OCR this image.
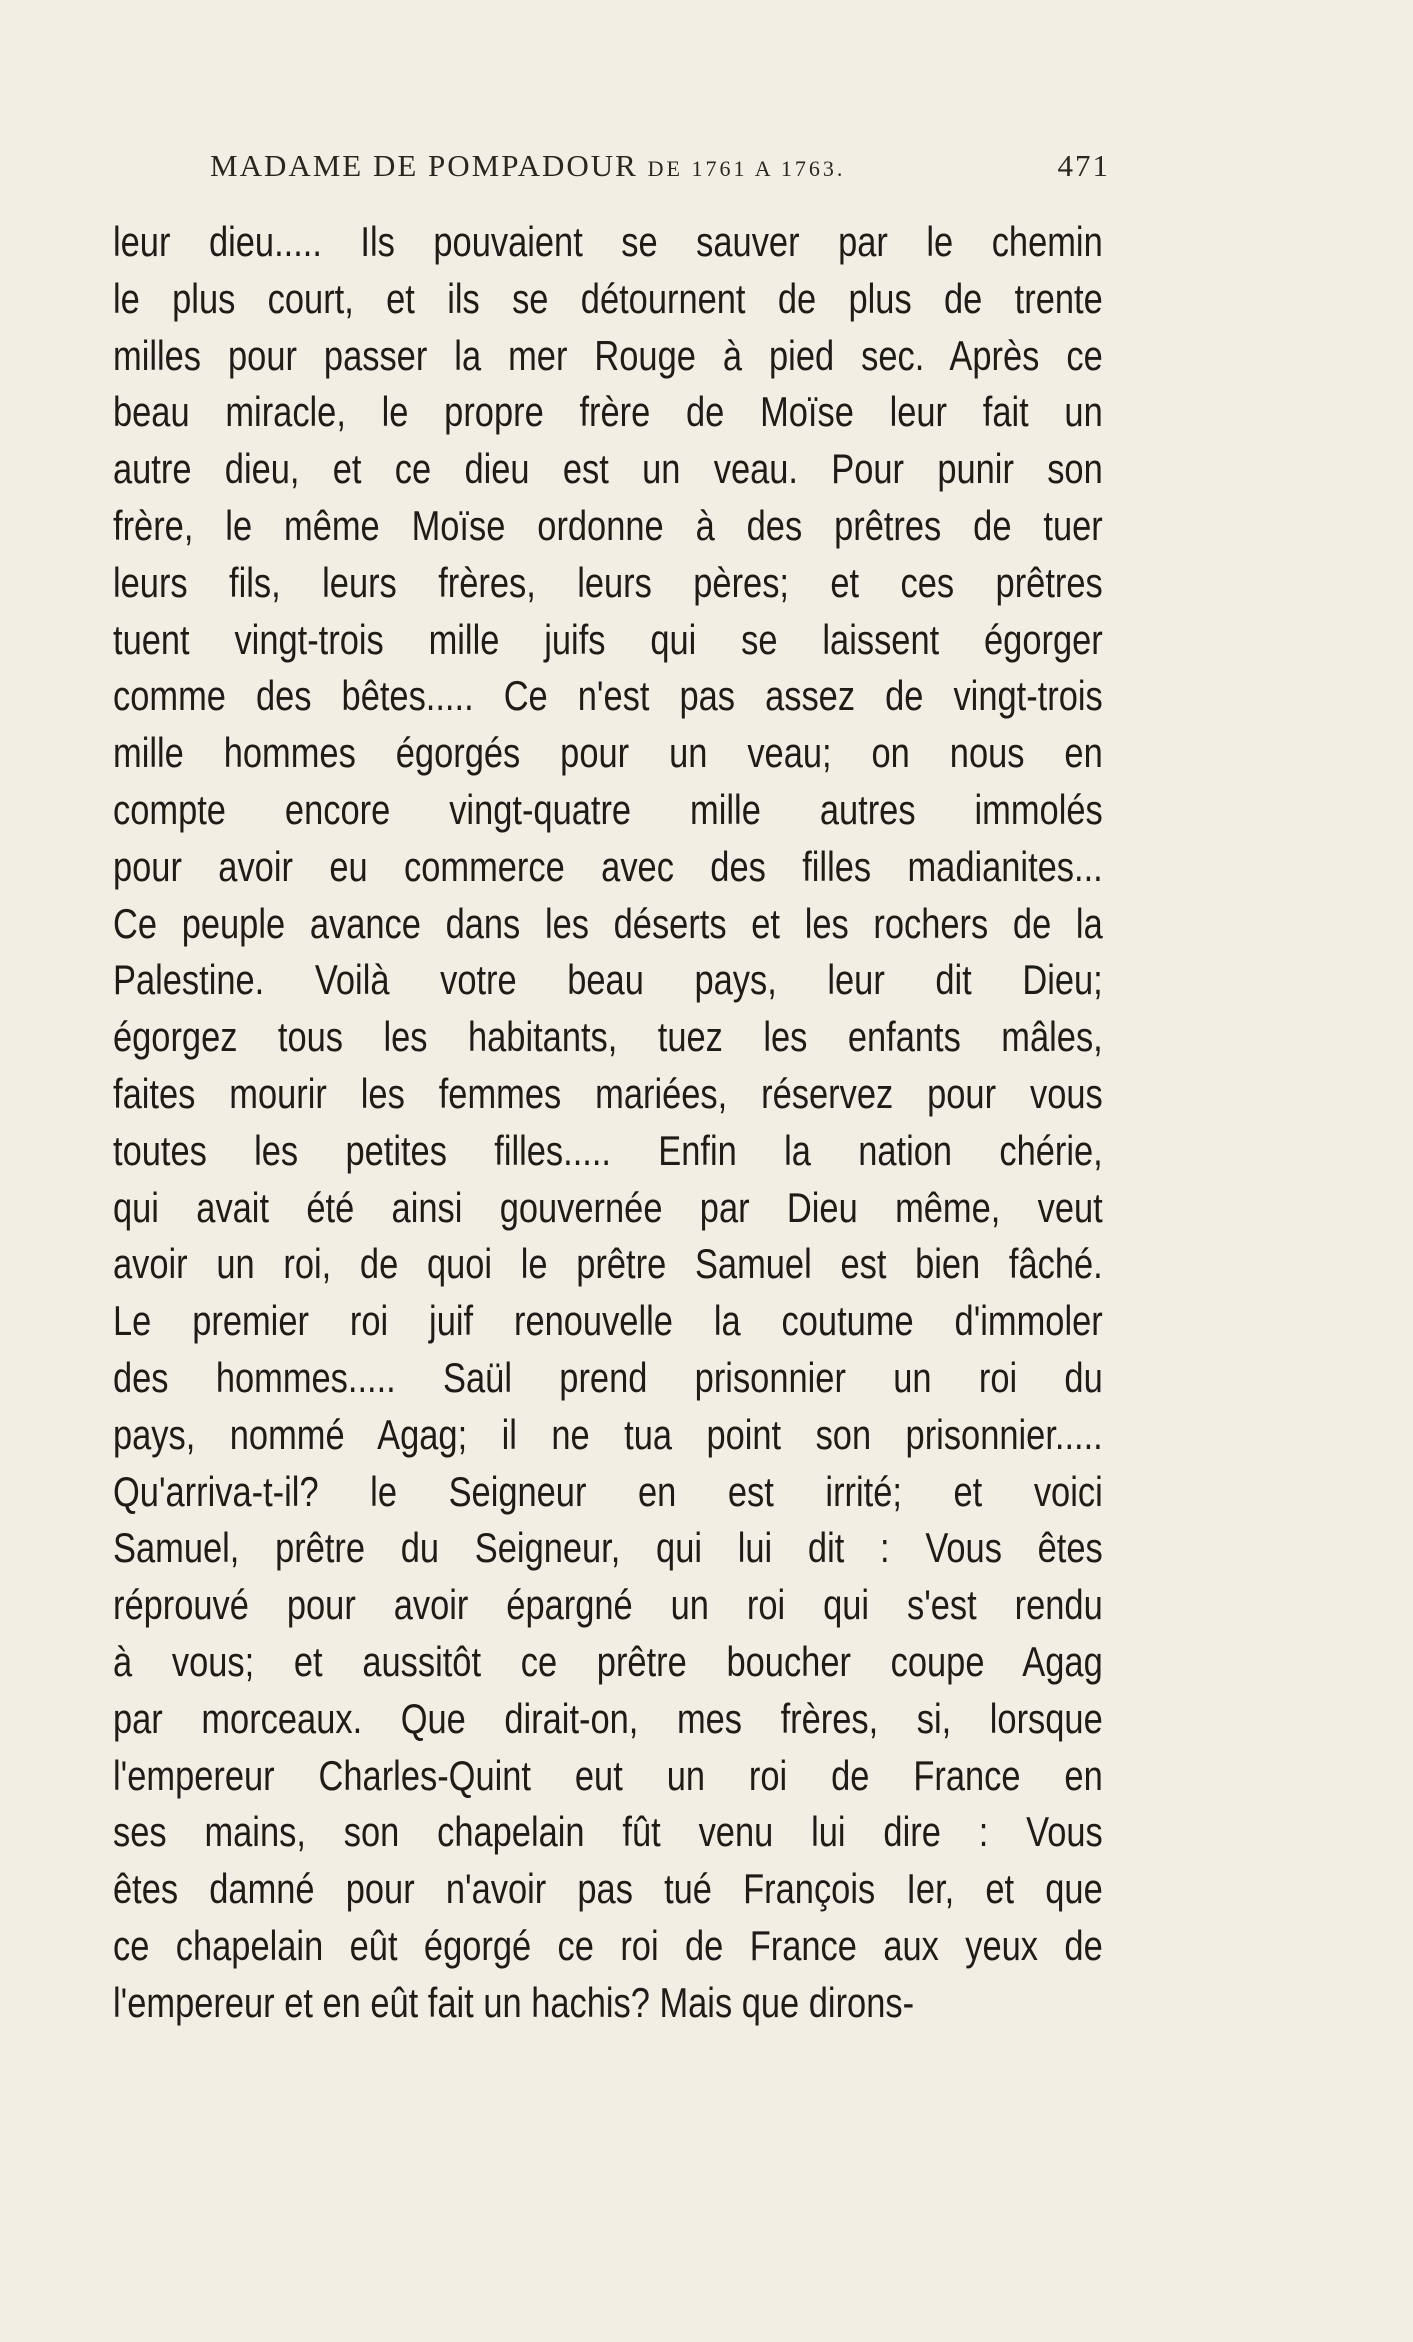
MADAME DE POMPADOUR DE 1761 A 1763.	471
leur dieu..... Ils pouvaient se sauver par le chemin
le plus court, et ils se détournent de plus de trente
milles pour passer la mer Rouge à pied sec. Après ce
beau miracle, le propre frère de Moïse leur fait un
autre dieu, et ce dieu est un veau. Pour punir son
frère, le même Moïse ordonne à des prêtres de tuer
leurs fils, leurs frères, leurs pères; et ces prêtres
tuent vingt-trois mille juifs qui se laissent égorger
comme des bêtes..... Ce n'est pas assez de vingt-trois
mille hommes égorgés pour un veau; on nous en
compte encore vingt-quatre mille autres immolés
pour avoir eu commerce avec des filles madianites...
Ce peuple avance dans les déserts et les rochers de la
Palestine. Voilà votre beau pays, leur dit Dieu;
égorgez tous les habitants, tuez les enfants mâles,
faites mourir les femmes mariées, réservez pour vous
toutes les petites filles..... Enfin la nation chérie,
qui avait été ainsi gouvernée par Dieu même, veut
avoir un roi, de quoi le prêtre Samuel est bien fâché.
Le premier roi juif renouvelle la coutume d'immoler
des hommes..... Saül prend prisonnier un roi du
pays, nommé Agag; il ne tua point son prisonnier.....
Qu'arriva-t-il? le Seigneur en est irrité; et voici
Samuel, prêtre du Seigneur, qui lui dit : Vous êtes
réprouvé pour avoir épargné un roi qui s'est rendu
à vous; et aussitôt ce prêtre boucher coupe Agag
par morceaux. Que dirait-on, mes frères, si, lorsque
l'empereur Charles-Quint eut un roi de France en
ses mains, son chapelain fût venu lui dire : Vous
êtes damné pour n'avoir pas tué François Ier, et que
ce chapelain eût égorgé ce roi de France aux yeux de
l'empereur et en eût fait un hachis? Mais que dirons-
